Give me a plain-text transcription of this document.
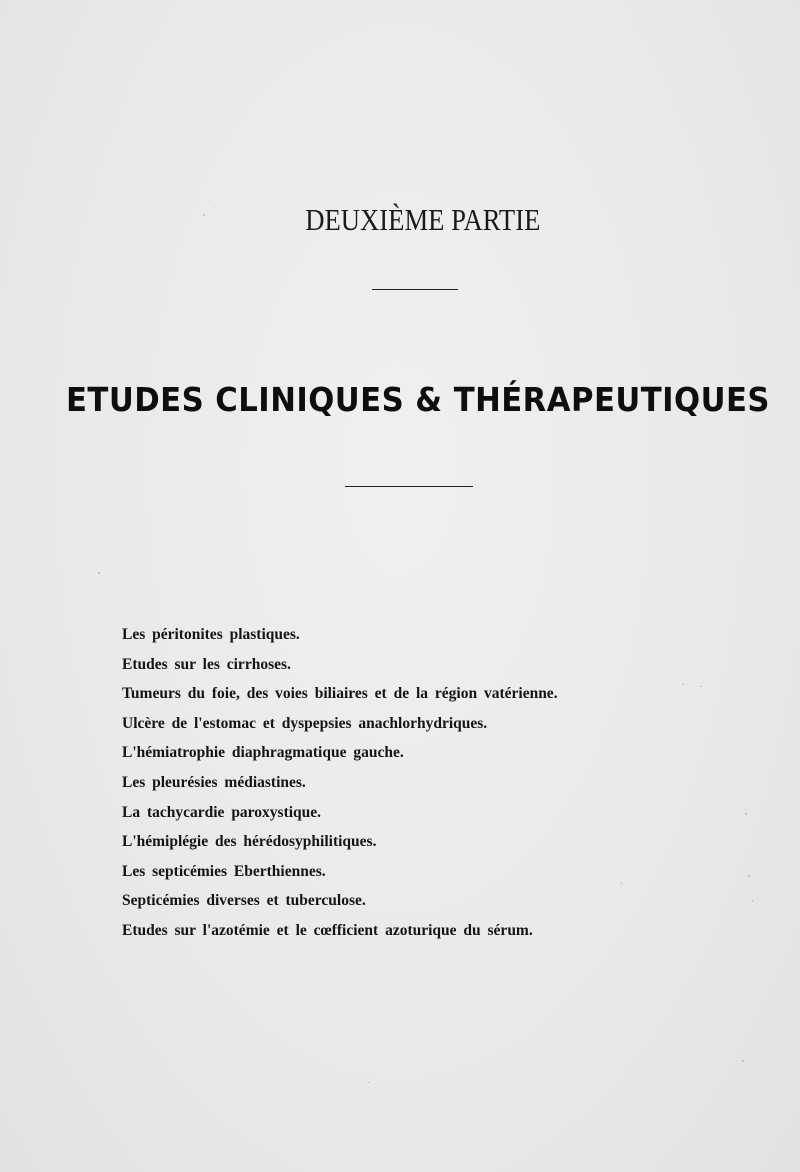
DEUXIÈME PARTIE
ETUDES CLINIQUES & THÉRAPEUTIQUES
Les péritonites plastiques.
Etudes sur les cirrhoses.
Tumeurs du foie, des voies biliaires et de la région vatérienne.
Ulcère de l'estomac et dyspepsies anachlorhydriques.
L'hémiatrophie diaphragmatique gauche.
Les pleurésies médiastines.
La tachycardie paroxystique.
L'hémiplégie des hérédosyphilitiques.
Les septicémies Eberthiennes.
Septicémies diverses et tuberculose.
Etudes sur l'azotémie et le cœfficient azoturique du sérum.
